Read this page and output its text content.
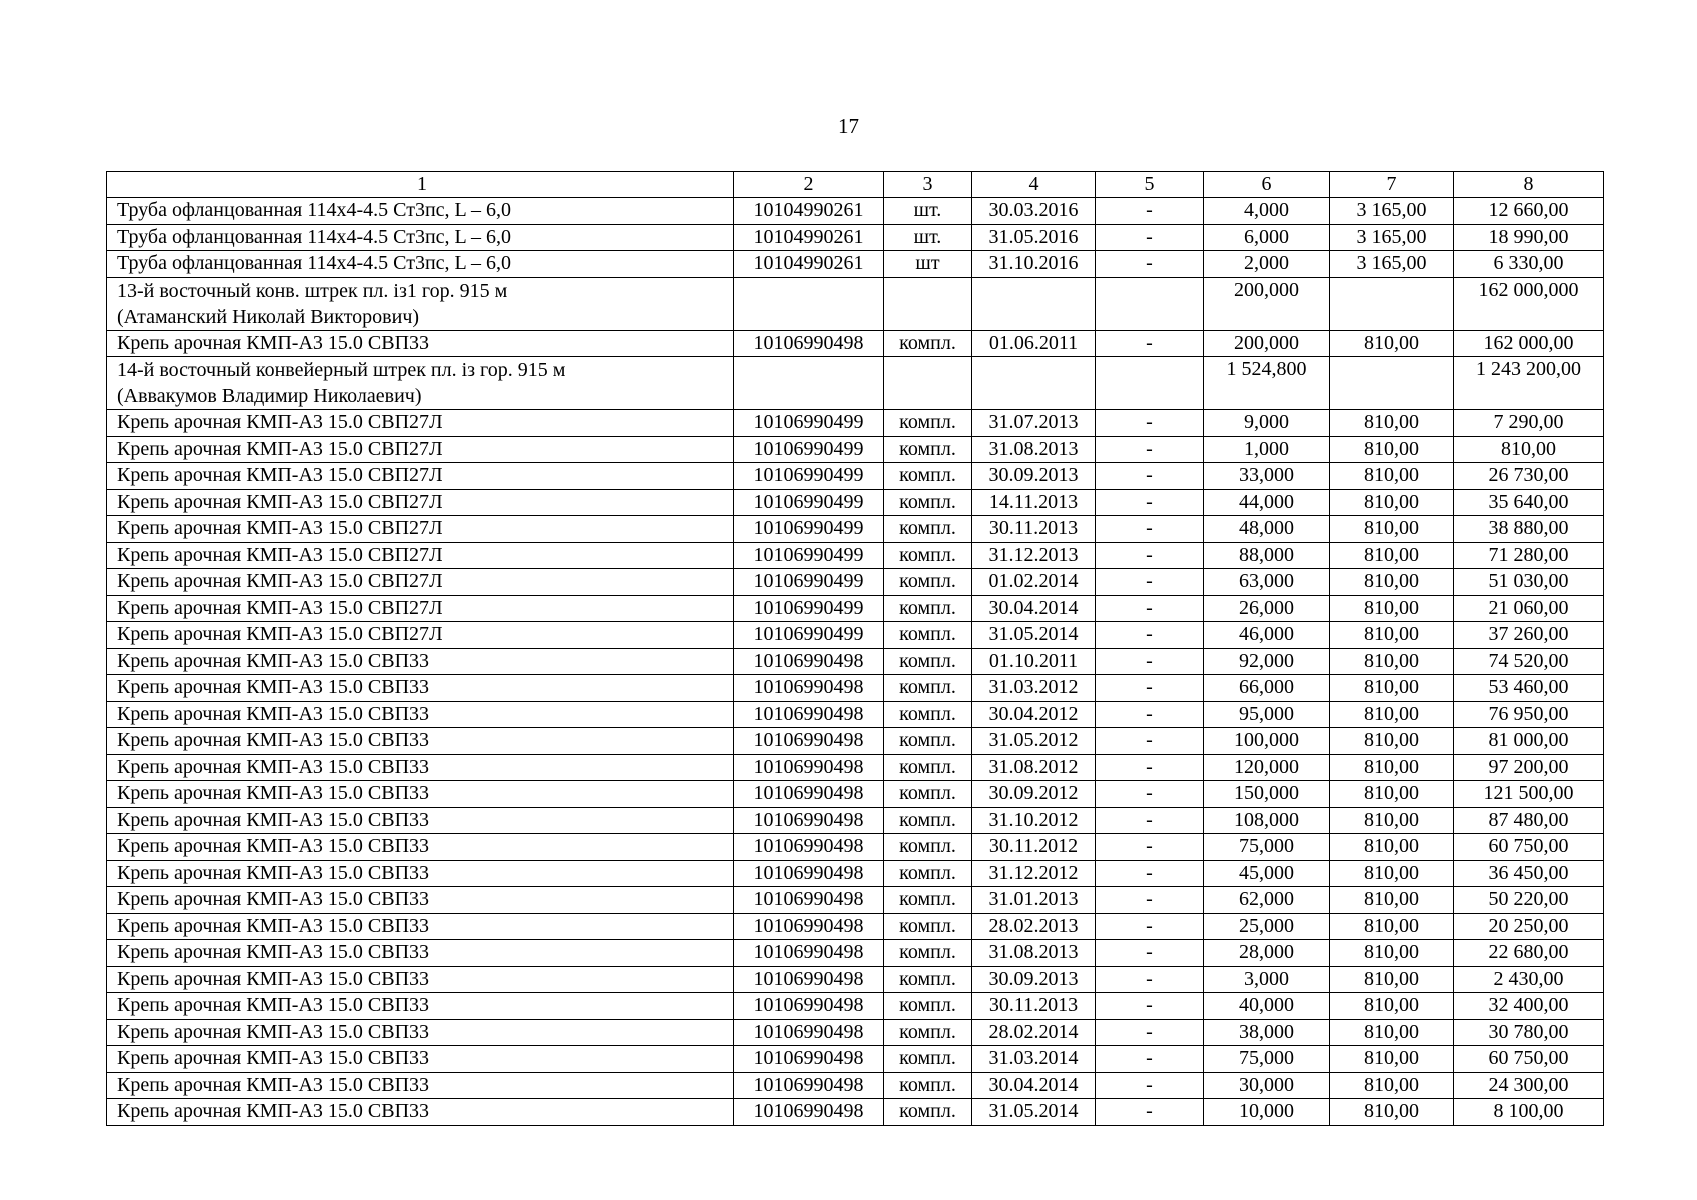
17
1	2	3	4	5	6	7	8
Труба офланцованная 114х4-4.5 Ст3пс, L – 6,0	10104990261	шт.	30.03.2016	-	4,000	3 165,00	12 660,00
Труба офланцованная 114х4-4.5 Ст3пс, L – 6,0	10104990261	шт.	31.05.2016	-	6,000	3 165,00	18 990,00
Труба офланцованная 114х4-4.5 Ст3пс, L – 6,0	10104990261	шт	31.10.2016	-	2,000	3 165,00	6 330,00

13-й восточный конв. штрек пл. із1 гор. 915 м
(Атаманский Николай Викторович)					200,000		162 000,000
Крепь арочная КМП-А3 15.0 СВП33	10106990498	компл.	01.06.2011	-	200,000	810,00	162 000,00

14-й восточный конвейерный штрек пл. із гор. 915 м
(Аввакумов Владимир Николаевич)					1 524,800		1 243 200,00
Крепь арочная КМП-А3 15.0 СВП27Л	10106990499	компл.	31.07.2013	-	9,000	810,00	7 290,00
Крепь арочная КМП-А3 15.0 СВП27Л	10106990499	компл.	31.08.2013	-	1,000	810,00	810,00
Крепь арочная КМП-А3 15.0 СВП27Л	10106990499	компл.	30.09.2013	-	33,000	810,00	26 730,00
Крепь арочная КМП-А3 15.0 СВП27Л	10106990499	компл.	14.11.2013	-	44,000	810,00	35 640,00
Крепь арочная КМП-А3 15.0 СВП27Л	10106990499	компл.	30.11.2013	-	48,000	810,00	38 880,00
Крепь арочная КМП-А3 15.0 СВП27Л	10106990499	компл.	31.12.2013	-	88,000	810,00	71 280,00
Крепь арочная КМП-А3 15.0 СВП27Л	10106990499	компл.	01.02.2014	-	63,000	810,00	51 030,00
Крепь арочная КМП-А3 15.0 СВП27Л	10106990499	компл.	30.04.2014	-	26,000	810,00	21 060,00
Крепь арочная КМП-А3 15.0 СВП27Л	10106990499	компл.	31.05.2014	-	46,000	810,00	37 260,00
Крепь арочная КМП-А3 15.0 СВП33	10106990498	компл.	01.10.2011	-	92,000	810,00	74 520,00
Крепь арочная КМП-А3 15.0 СВП33	10106990498	компл.	31.03.2012	-	66,000	810,00	53 460,00
Крепь арочная КМП-А3 15.0 СВП33	10106990498	компл.	30.04.2012	-	95,000	810,00	76 950,00
Крепь арочная КМП-А3 15.0 СВП33	10106990498	компл.	31.05.2012	-	100,000	810,00	81 000,00
Крепь арочная КМП-А3 15.0 СВП33	10106990498	компл.	31.08.2012	-	120,000	810,00	97 200,00
Крепь арочная КМП-А3 15.0 СВП33	10106990498	компл.	30.09.2012	-	150,000	810,00	121 500,00
Крепь арочная КМП-А3 15.0 СВП33	10106990498	компл.	31.10.2012	-	108,000	810,00	87 480,00
Крепь арочная КМП-А3 15.0 СВП33	10106990498	компл.	30.11.2012	-	75,000	810,00	60 750,00
Крепь арочная КМП-А3 15.0 СВП33	10106990498	компл.	31.12.2012	-	45,000	810,00	36 450,00
Крепь арочная КМП-А3 15.0 СВП33	10106990498	компл.	31.01.2013	-	62,000	810,00	50 220,00
Крепь арочная КМП-А3 15.0 СВП33	10106990498	компл.	28.02.2013	-	25,000	810,00	20 250,00
Крепь арочная КМП-А3 15.0 СВП33	10106990498	компл.	31.08.2013	-	28,000	810,00	22 680,00
Крепь арочная КМП-А3 15.0 СВП33	10106990498	компл.	30.09.2013	-	3,000	810,00	2 430,00
Крепь арочная КМП-А3 15.0 СВП33	10106990498	компл.	30.11.2013	-	40,000	810,00	32 400,00
Крепь арочная КМП-А3 15.0 СВП33	10106990498	компл.	28.02.2014	-	38,000	810,00	30 780,00
Крепь арочная КМП-А3 15.0 СВП33	10106990498	компл.	31.03.2014	-	75,000	810,00	60 750,00
Крепь арочная КМП-А3 15.0 СВП33	10106990498	компл.	30.04.2014	-	30,000	810,00	24 300,00
Крепь арочная КМП-А3 15.0 СВП33	10106990498	компл.	31.05.2014	-	10,000	810,00	8 100,00
